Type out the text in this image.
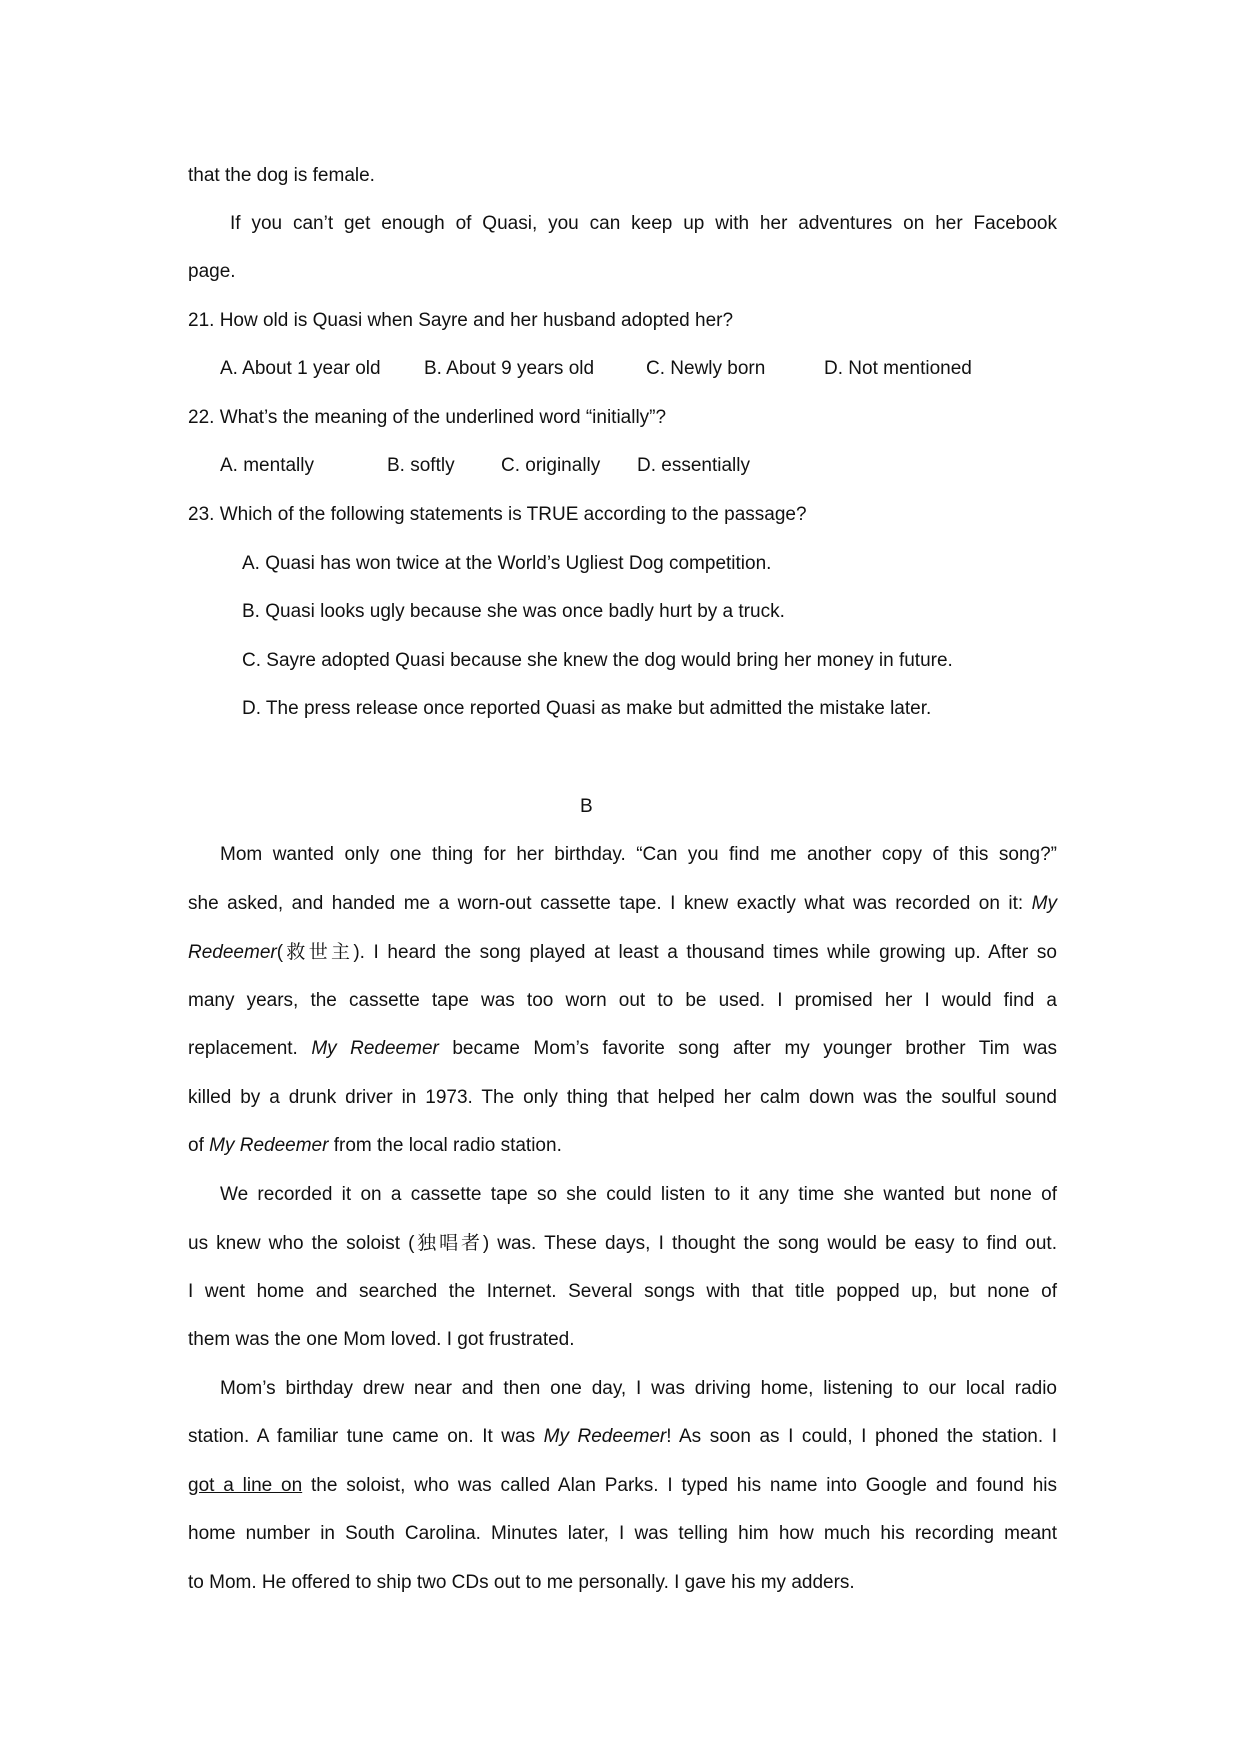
that the dog is female.
If you can’t get enough of Quasi, you can keep up with her adventures on her Facebook
page.
21. How old is Quasi when Sayre and her husband adopted her?
A. About 1 year old B. About 9 years old	C. Newly born	D. Not mentioned
22. What’s the meaning of the underlined word “initially”?
A. mentally	B. softly C. originally D. essentially
23. Which of the following statements is TRUE according to the passage?
A. Quasi has won twice at the World’s Ugliest Dog competition.
B. Quasi looks ugly because she was once badly hurt by a truck.
C. Sayre adopted Quasi because she knew the dog would bring her money in future.
D. The press release once reported Quasi as make but admitted the mistake later.
B
Mom wanted only one thing for her birthday. “Can you find me another copy of this song?”
she asked, and handed me a worn-out cassette tape. I knew exactly what was recorded on it: My
Redeemer(救世主). I heard the song played at least a thousand times while growing up. After so
many years, the cassette tape was too worn out to be used. I promised her I would find a
replacement. My Redeemer became Mom’s favorite song after my younger brother Tim was
killed by a drunk driver in 1973. The only thing that helped her calm down was the soulful sound
of My Redeemer from the local radio station.
We recorded it on a cassette tape so she could listen to it any time she wanted but none of
us knew who the soloist (独唱者) was. These days, I thought the song would be easy to find out.
I went home and searched the Internet. Several songs with that title popped up, but none of
them was the one Mom loved. I got frustrated.
Mom’s birthday drew near and then one day, I was driving home, listening to our local radio
station. A familiar tune came on. It was My Redeemer! As soon as I could, I phoned the station. I
got a line on the soloist, who was called Alan Parks. I typed his name into Google and found his
home number in South Carolina. Minutes later, I was telling him how much his recording meant
to Mom. He offered to ship two CDs out to me personally. I gave his my adders.
